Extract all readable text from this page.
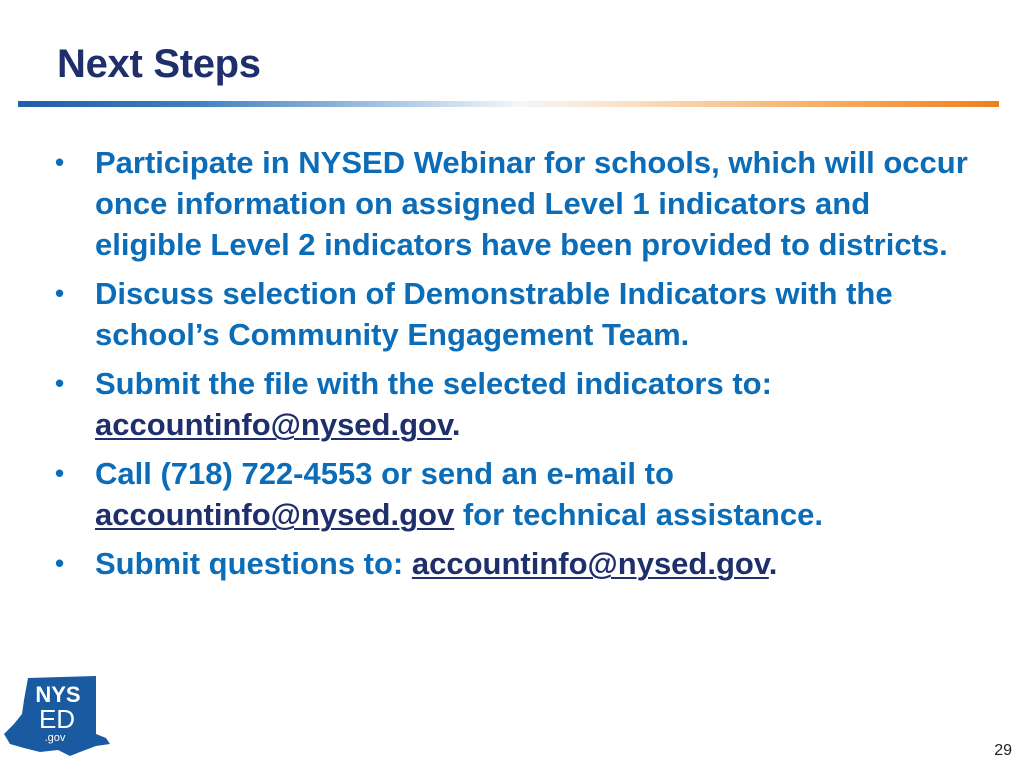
Next Steps
• Participate in NYSED Webinar for schools, which will occur once information on assigned Level 1 indicators and eligible Level 2 indicators have been provided to districts.
• Discuss selection of Demonstrable Indicators with the school’s Community Engagement Team.
• Submit the file with the selected indicators to: accountinfo@nysed.gov.
• Call (718) 722-4553 or send an e-mail to accountinfo@nysed.gov for technical assistance.
• Submit questions to: accountinfo@nysed.gov.
NYS
ED
.gov
29
